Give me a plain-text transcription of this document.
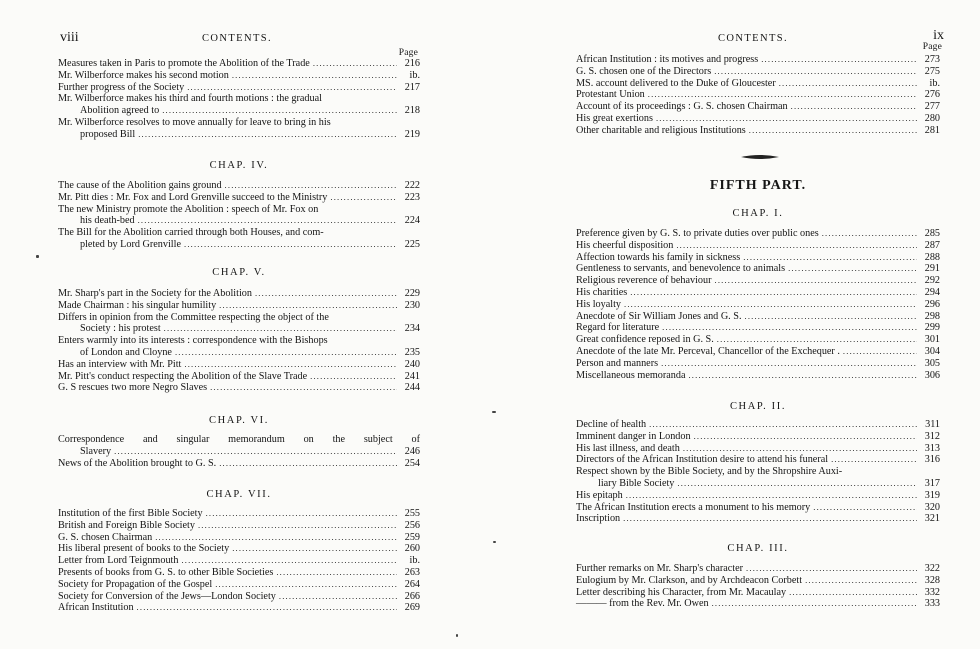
viii	CONTENTS.
Page
Measures taken in Paris to promote the Abolition of the Trade .....	216
Mr. Wilberforce makes his second motion .....	ib.
Further progress of the Society .....	217
Mr. Wilberforce makes his third and fourth motions : the gradual
Abolition agreed to .....	218
Mr. Wilberforce resolves to move annually for leave to bring in his
proposed Bill .....	219
CHAP. IV.
The cause of the Abolition gains ground .....	222
Mr. Pitt dies : Mr. Fox and Lord Grenville succeed to the Ministry .....	223
The new Ministry promote the Abolition : speech of Mr. Fox on
his death-bed .....	224
The Bill for the Abolition carried through both Houses, and com-
pleted by Lord Grenville .....	225
CHAP. V.
Mr. Sharp's part in the Society for the Abolition .....	229
Made Chairman : his singular humility .....	230
Differs in opinion from the Committee respecting the object of the
Society : his protest .....	234
Enters warmly into its interests : correspondence with the Bishops
of London and Cloyne .....	235
Has an interview with Mr. Pitt .....	240
Mr. Pitt's conduct respecting the Abolition of the Slave Trade .....	241
G. S rescues two more Negro Slaves .....	244
CHAP. VI.
Correspondence and singular memorandum on the subject of
Slavery .....	246
News of the Abolition brought to G. S. .....	254
CHAP. VII.
Institution of the first Bible Society .....	255
British and Foreign Bible Society .....	256
G. S. chosen Chairman .....	259
His liberal present of books to the Society .....	260
Letter from Lord Teignmouth .....	ib.
Presents of books from G. S. to other Bible Societies .....	263
Society for Propagation of the Gospel .....	264
Society for Conversion of the Jews—London Society .....	266
African Institution .....	269
CONTENTS.	ix
Page
African Institution : its motives and progress .....	273
G. S. chosen one of the Directors .....	275
MS. account delivered to the Duke of Gloucester .....	ib.
Protestant Union .....	276
Account of its proceedings : G. S. chosen Chairman .....	277
His great exertions .....	280
Other charitable and religious Institutions .....	281
FIFTH PART.
CHAP. I.
Preference given by G. S. to private duties over public ones .....	285
His cheerful disposition .....	287
Affection towards his family in sickness .....	288
Gentleness to servants, and benevolence to animals .....	291
Religious reverence of behaviour .....	292
His charities .....	294
His loyalty .....	296
Anecdote of Sir William Jones and G. S. .....	298
Regard for literature .....	299
Great confidence reposed in G. S. .....	301
Anecdote of the late Mr. Perceval, Chancellor of the Exchequer . .....	304
Person and manners .....	305
Miscellaneous memoranda .....	306
CHAP. II.
Decline of health .....	311
Imminent danger in London .....	312
His last illness, and death .....	313
Directors of the African Institution desire to attend his funeral .....	316
Respect shown by the Bible Society, and by the Shropshire Auxi-
liary Bible Society .....	317
His epitaph .....	319
The African Institution erects a monument to his memory .....	320
Inscription .....	321
CHAP. III.
Further remarks on Mr. Sharp's character .....	322
Eulogium by Mr. Clarkson, and by Archdeacon Corbett .....	328
Letter describing his Character, from Mr. Macaulay .....	332
——— from the Rev. Mr. Owen .....	333
